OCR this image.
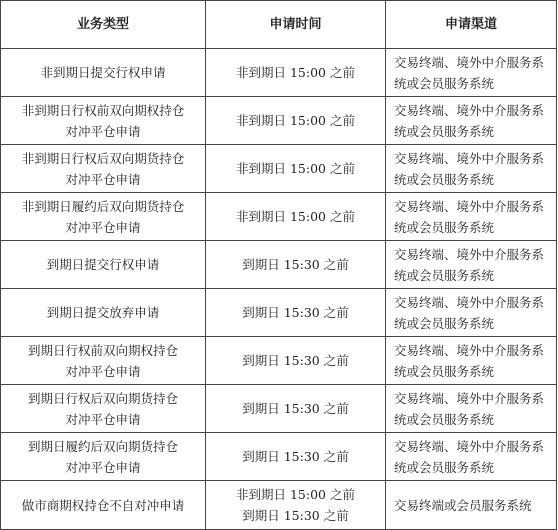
业务类型	申请时间	申请渠道

非到期日提交行权申请	非到期日 15:00 之前	交易终端、境外中介服务系
统或会员服务系统

非到期日行权前双向期权持仓
对冲平仓申请	非到期日 15:00 之前	交易终端、境外中介服务系
统或会员服务系统

非到期日行权后双向期货持仓
对冲平仓申请	非到期日 15:00 之前	交易终端、境外中介服务系
统或会员服务系统

非到期日履约后双向期货持仓
对冲平仓申请	非到期日 15:00 之前	交易终端、境外中介服务系
统或会员服务系统

到期日提交行权申请	到期日 15:30 之前	交易终端、境外中介服务系
统或会员服务系统

到期日提交放弃申请	到期日 15:30 之前	交易终端、境外中介服务系
统或会员服务系统

到期日行权前双向期权持仓
对冲平仓申请	到期日 15:30 之前	交易终端、境外中介服务系
统或会员服务系统

到期日行权后双向期货持仓
对冲平仓申请	到期日 15:30 之前	交易终端、境外中介服务系
统或会员服务系统

到期日履约后双向期货持仓
对冲平仓申请	到期日 15:30 之前	交易终端、境外中介服务系
统或会员服务系统

做市商期权持仓不自对冲申请	非到期日 15:00 之前
到期日 15:30 之前	交易终端或会员服务系统
